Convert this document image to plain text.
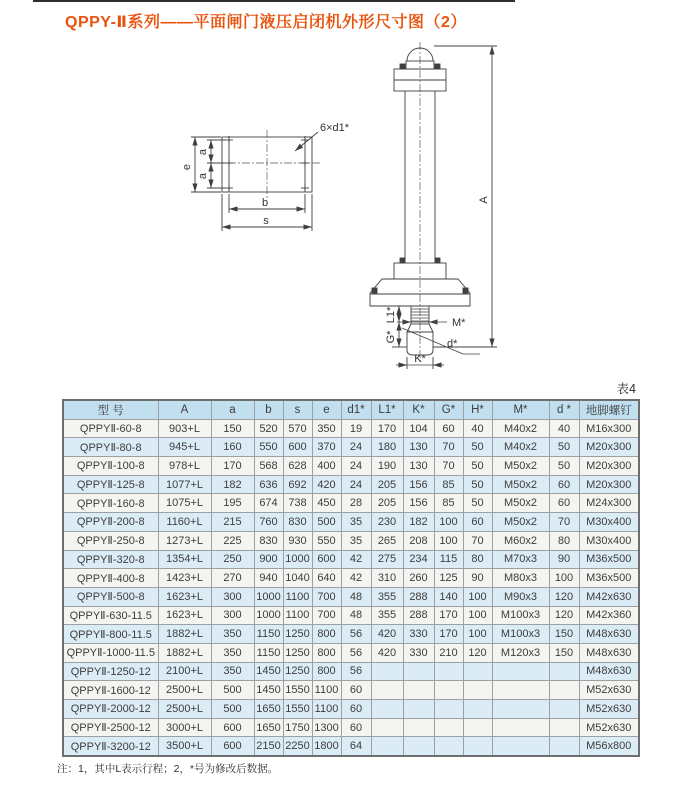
QPPY-Ⅱ系列——平面闸门液压启闭机外形尺寸图（2）
e
a
a
b
s
6×d1*
A
M*
L1*
G*
K*
d*
表4
型 号	A	a	b	s	e	d1*	L1*	K*	G*	H*	M*	d *	地脚螺钉
QPPYⅡ-60-8	903+L	150	520	570	350	19	170	104	60	40	M40x2	40	M16x300
QPPYⅡ-80-8	945+L	160	550	600	370	24	180	130	70	50	M40x2	50	M20x300
QPPYⅡ-100-8	978+L	170	568	628	400	24	190	130	70	50	M50x2	50	M20x300
QPPYⅡ-125-8	1077+L	182	636	692	420	24	205	156	85	50	M50x2	60	M20x300
QPPYⅡ-160-8	1075+L	195	674	738	450	28	205	156	85	50	M50x2	60	M24x300
QPPYⅡ-200-8	1160+L	215	760	830	500	35	230	182	100	60	M50x2	70	M30x400
QPPYⅡ-250-8	1273+L	225	830	930	550	35	265	208	100	70	M60x2	80	M30x400
QPPYⅡ-320-8	1354+L	250	900	1000	600	42	275	234	115	80	M70x3	90	M36x500
QPPYⅡ-400-8	1423+L	270	940	1040	640	42	310	260	125	90	M80x3	100	M36x500
QPPYⅡ-500-8	1623+L	300	1000	1100	700	48	355	288	140	100	M90x3	120	M42x630
QPPYⅡ-630-11.5	1623+L	300	1000	1100	700	48	355	288	170	100	M100x3	120	M42x360
QPPYⅡ-800-11.5	1882+L	350	1150	1250	800	56	420	330	170	100	M100x3	150	M48x630
QPPYⅡ-1000-11.5	1882+L	350	1150	1250	800	56	420	330	210	120	M120x3	150	M48x630
QPPYⅡ-1250-12	2100+L	350	1450	1250	800	56							M48x630
QPPYⅡ-1600-12	2500+L	500	1450	1550	1100	60							M52x630
QPPYⅡ-2000-12	2500+L	500	1650	1550	1100	60							M52x630
QPPYⅡ-2500-12	3000+L	600	1650	1750	1300	60							M52x630
QPPYⅡ-3200-12	3500+L	600	2150	2250	1800	64							M56x800
注：1，其中L表示行程；2，*号为修改后数据。
